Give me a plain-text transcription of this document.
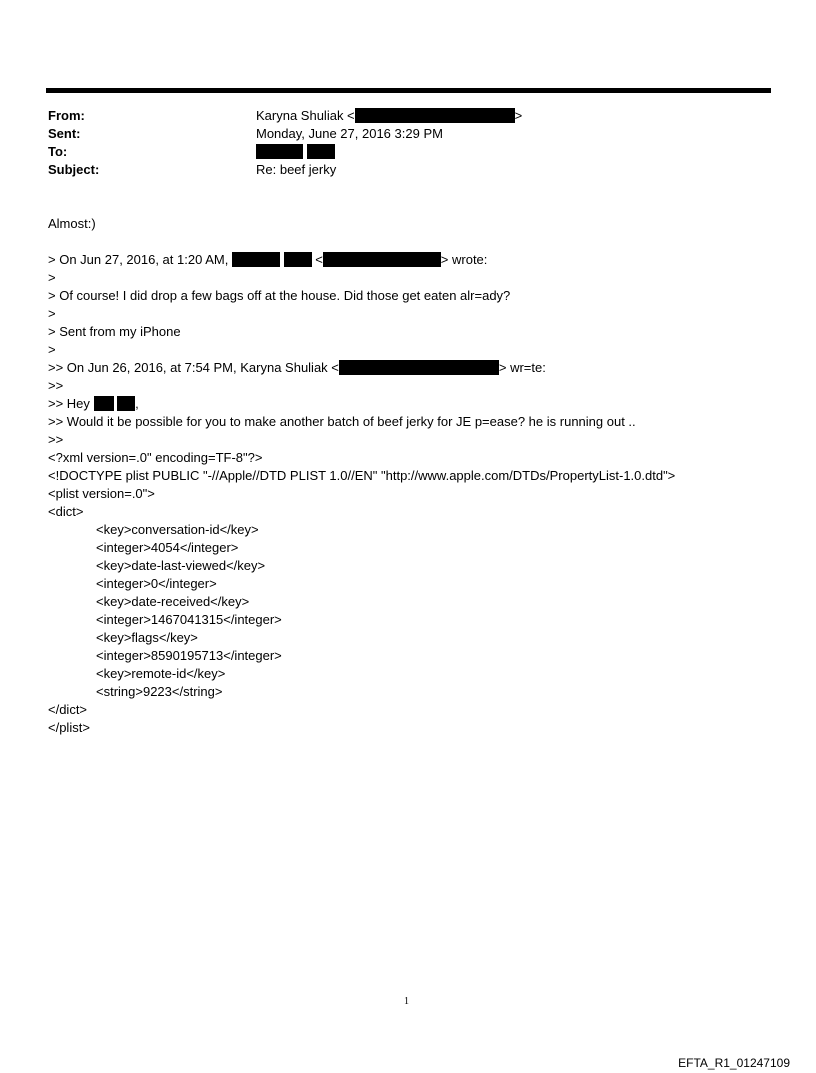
From:	Karyna Shuliak <	>
Sent:	Monday, June 27, 2016 3:29 PM
To:

Subject:	Re: beef jerky
Almost:)
> On Jun 27, 2016, at 1:20 AM,	<	> wrote:
>
> Of course! I did drop a few bags off at the house. Did those get eaten alr=ady?
>
> Sent from my iPhone
>
>> On Jun 26, 2016, at 7:54 PM, Karyna Shuliak <	> wr=te:
>>
>> Hey	,
>> Would it be possible for you to make another batch of beef jerky for JE p=ease? he is running out ..
>>
<?xml version=.0" encoding=TF-8"?>
<!DOCTYPE plist PUBLIC "-//Apple//DTD PLIST 1.0//EN" "http://www.apple.com/DTDs/PropertyList-1.0.dtd">
<plist version=.0">
<dict>
<key>conversation-id</key>
<integer>4054</integer>
<key>date-last-viewed</key>
<integer>0</integer>
<key>date-received</key>
<integer>1467041315</integer>
<key>flags</key>
<integer>8590195713</integer>
<key>remote-id</key>
<string>9223</string>
</dict>
</plist>
1
EFTA_R1_01247109
